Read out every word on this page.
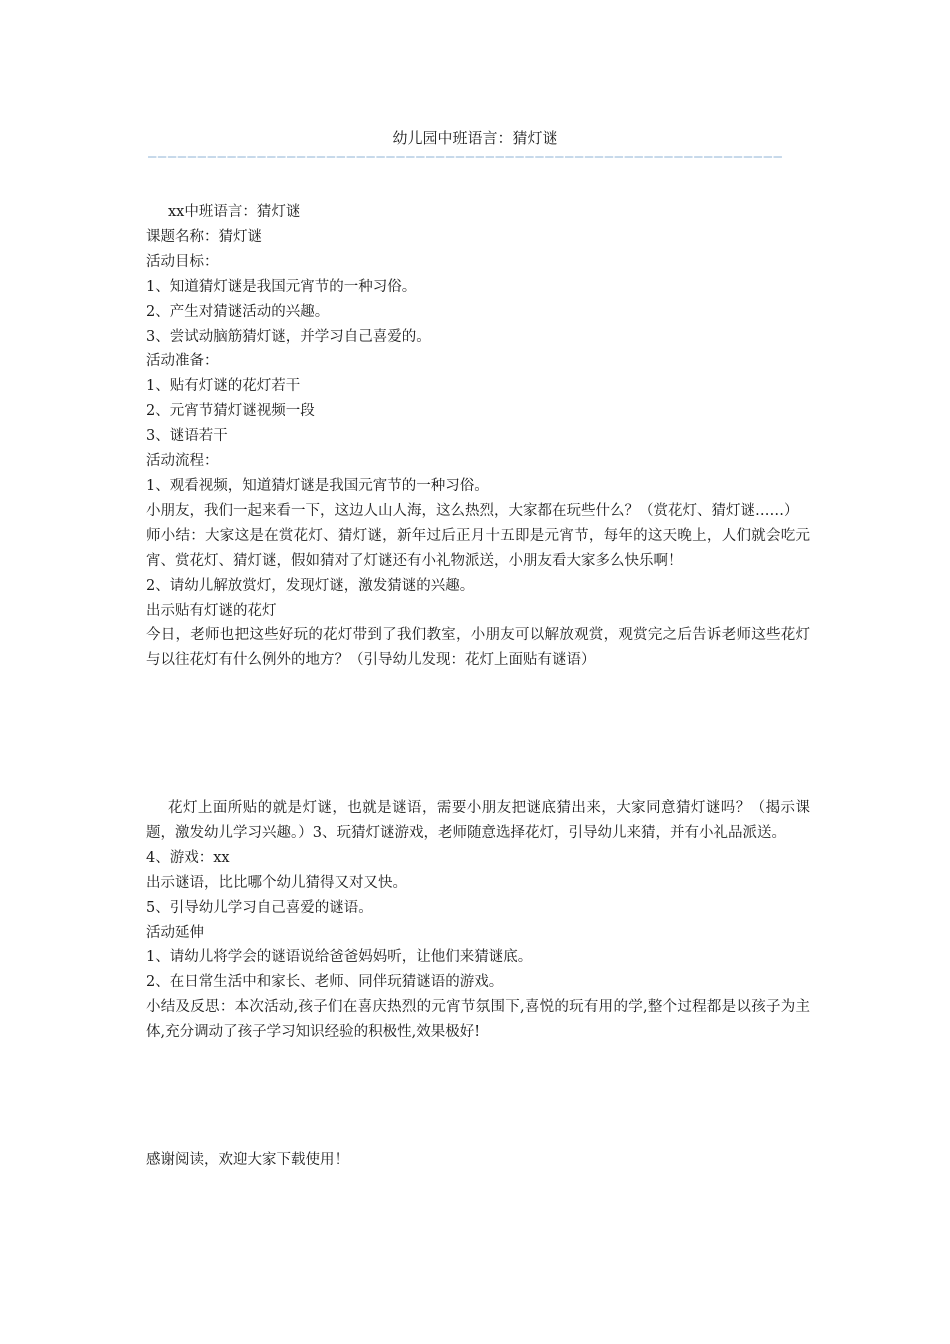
幼儿园中班语言：猜灯谜
————————————————————————————————————————————————————————————————

xx中班语言：猜灯谜

课题名称：猜灯谜

活动目标：

1、知道猜灯谜是我国元宵节的一种习俗。

2、产生对猜谜活动的兴趣。

3、尝试动脑筋猜灯谜，并学习自己喜爱的。

活动准备：

1、贴有灯谜的花灯若干

2、元宵节猜灯谜视频一段

3、谜语若干

活动流程：

1、观看视频，知道猜灯谜是我国元宵节的一种习俗。

小朋友，我们一起来看一下，这边人山人海，这么热烈，大家都在玩些什么？（赏花灯、猜灯谜……）

师小结：大家这是在赏花灯、猜灯谜，新年过后正月十五即是元宵节，每年的这天晚上，人们就会吃元宵、赏花灯、猜灯谜，假如猜对了灯谜还有小礼物派送，小朋友看大家多么快乐啊！

2、请幼儿解放赏灯，发现灯谜，激发猜谜的兴趣。

出示贴有灯谜的花灯

今日，老师也把这些好玩的花灯带到了我们教室，小朋友可以解放观赏，观赏完之后告诉老师这些花灯与以往花灯有什么例外的地方？（引导幼儿发现：花灯上面贴有谜语）

花灯上面所贴的就是灯谜，也就是谜语，需要小朋友把谜底猜出来，大家同意猜灯谜吗？（揭示课题，激发幼儿学习兴趣。）3、玩猜灯谜游戏，老师随意选择花灯，引导幼儿来猜，并有小礼品派送。

4、游戏：xx

出示谜语，比比哪个幼儿猜得又对又快。

5、引导幼儿学习自己喜爱的谜语。

活动延伸

1、请幼儿将学会的谜语说给爸爸妈妈听，让他们来猜谜底。

2、在日常生活中和家长、老师、同伴玩猜谜语的游戏。

小结及反思：本次活动,孩子们在喜庆热烈的元宵节氛围下,喜悦的玩有用的学,整个过程都是以孩子为主体,充分调动了孩子学习知识经验的积极性,效果极好!

感谢阅读，欢迎大家下载使用！
